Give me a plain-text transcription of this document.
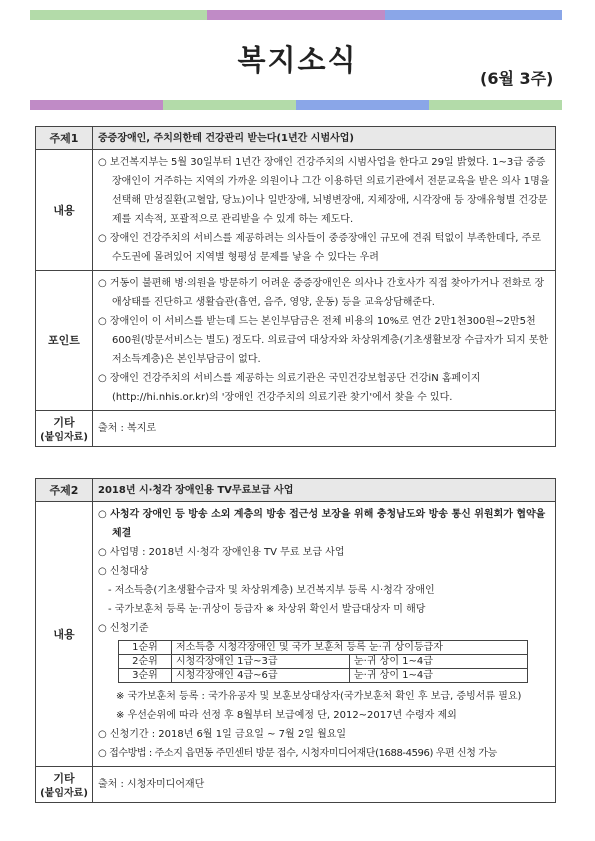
복지소식
(6월 3주)
주제1	중증장애인, 주치의한테 건강관리 받는다(1년간 시범사업)
내용	○ 보건복지부는 5월 30일부터 1년간 장애인 건강주치의 시범사업을 한다고 29일 밝혔다. 1~3급 중증장애인이 거주하는 지역의 가까운 의원이나 그간 이용하던 의료기관에서 전문교육을 받은 의사 1명을 선택해 만성질환(고혈압, 당뇨)이나 일반장애, 뇌병변장애, 지체장애, 시각장애 등 장애유형별 건강문제를 지속적, 포괄적으로 관리받을 수 있게 하는 제도다.
○ 장애인 건강주치의 서비스를 제공하려는 의사들이 중증장애인 규모에 견줘 턱없이 부족한데다, 주로 수도권에 몰려있어 지역별 형평성 문제를 낳을 수 있다는 우려

포인트	○ 거동이 불편해 병·의원을 방문하기 어려운 중증장애인은 의사나 간호사가 직접 찾아가거나 전화로 장애상태를 진단하고 생활습관(흡연, 음주, 영양, 운동) 등을 교육상담해준다.
○ 장애인이 이 서비스를 받는데 드는 본인부담금은 전체 비용의 10%로 연간 2만1천300원~2만5천600원(방문서비스는 별도) 정도다. 의료급여 대상자와 차상위계층(기초생활보장 수급자가 되지 못한 저소득계층)은 본인부담금이 없다.
○ 장애인 건강주치의 서비스를 제공하는 의료기관은 국민건강보험공단 건강iN 홈페이지(http://hi.nhis.or.kr)의 '장애인 건강주치의 의료기관 찾기'에서 찾을 수 있다.

기타
(붙임자료)	출처 : 복지로
주제2	2018년 시·청각 장애인용 TV무료보급 사업
내용	
○ 사청각 장애인 등 방송 소외 계층의 방송 접근성 보장을 위해 충청남도와 방송 통신 위원회가 협약을 체결
○ 사업명 : 2018년 시·청각 장애인용 TV 무료 보급 사업
○ 신청대상
- 저소득층(기초생활수급자 및 차상위계층) 보건복지부 등록 시·청각 장애인
- 국가보훈처 등록 눈·귀상이 등급자 ※ 차상위 확인서 발급대상자 미 해당
○ 신청기준
1순위	저소득층 시청각장애인 및 국가 보훈처 등록 눈·귀 상이등급자
2순위	시청각장애인 1급~3급	눈·귀 상이 1~4급
3순위	시청각장애인 4급~6급	눈·귀 상이 1~4급
※ 국가보훈처 등록 : 국가유공자 및 보훈보상대상자(국가보훈처 확인 후 보급, 증빙서류 필요)
※ 우선순위에 따라 선정 후 8월부터 보급예정 단, 2012~2017년 수령자 제외
○ 신청기간 : 2018년 6월 1일 금요일 ~ 7월 2일 월요일
○ 접수방법 : 주소지 읍면동 주민센터 방문 접수, 시청자미디어재단(1688-4596) 우편 신청 가능

기타
(붙임자료)
	출처 : 시청자미디어재단
